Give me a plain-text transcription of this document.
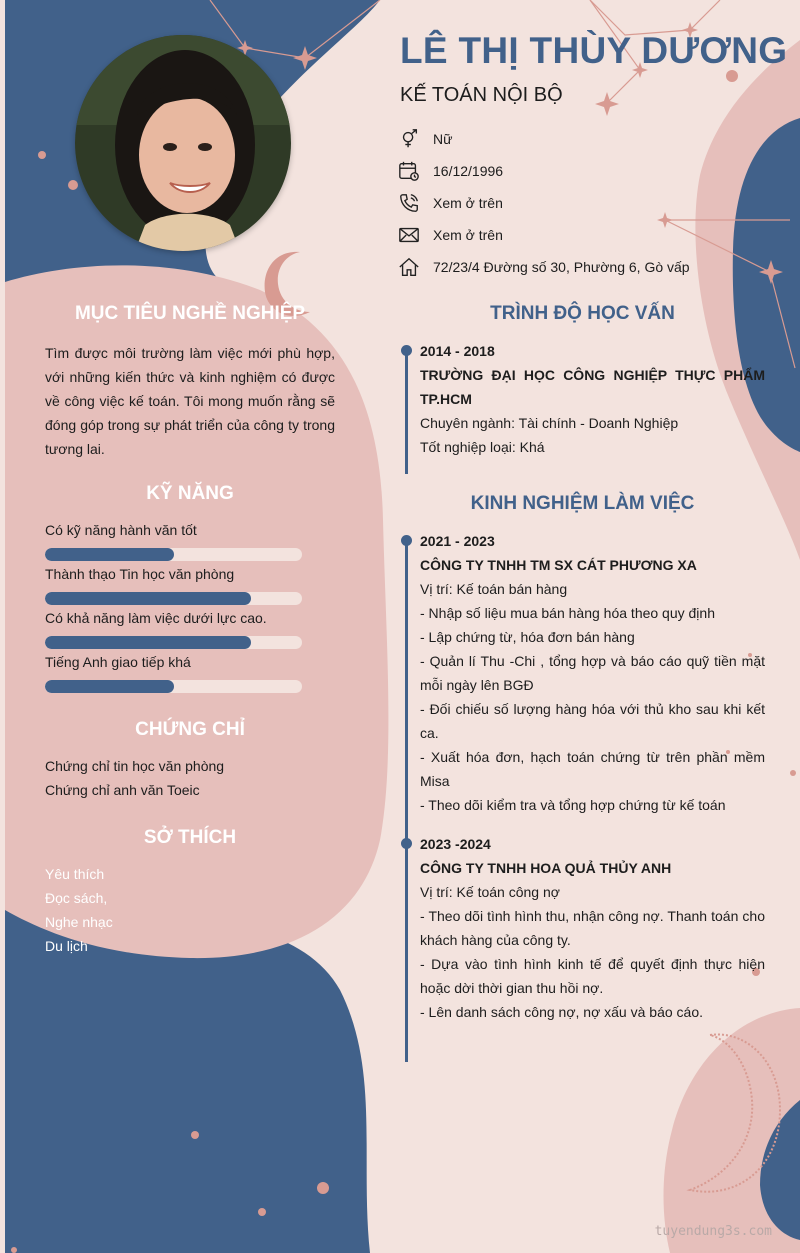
LÊ THỊ THÙY DƯƠNG
KẾ TOÁN NỘI BỘ
Nữ
16/12/1996
Xem ở trên
Xem ở trên
72/23/4 Đường số 30, Phường 6, Gò vấp
MỤC TIÊU NGHỀ NGHIỆP
Tìm được môi trường làm việc mới phù hợp, với những kiến thức và kinh nghiệm có được về công việc kế toán. Tôi mong muốn rằng sẽ đóng góp trong sự phát triển của công ty trong tương lai.
KỸ NĂNG
Có kỹ năng hành văn tốt
Thành thạo Tin học văn phòng
Có khả năng làm việc dưới lực cao.
Tiếng Anh giao tiếp khá
CHỨNG CHỈ
Chứng chỉ tin học văn phòng
Chứng chỉ anh văn Toeic
SỞ THÍCH
Yêu thích
Đọc sách,
Nghe nhạc
Du lịch
TRÌNH ĐỘ HỌC VẤN
2014 - 2018
TRƯỜNG ĐẠI HỌC CÔNG NGHIỆP THỰC PHẨM TP.HCM
Chuyên ngành: Tài chính - Doanh Nghiệp
Tốt nghiệp loại: Khá
KINH NGHIỆM LÀM VIỆC
2021 - 2023
CÔNG TY TNHH TM SX CÁT PHƯƠNG XA
Vị trí: Kế toán bán hàng
- Nhập số liệu mua bán hàng hóa theo quy định
- Lập chứng từ, hóa đơn bán hàng
- Quản lí Thu -Chi , tổng hợp và báo cáo quỹ tiền mặt mỗi ngày lên BGĐ
- Đối chiếu số lượng hàng hóa với thủ kho sau khi kết ca.
- Xuất hóa đơn, hạch toán chứng từ trên phần mềm Misa
- Theo dõi kiểm tra và tổng hợp chứng từ kế toán
2023 -2024
CÔNG TY TNHH HOA QUẢ THỦY ANH
Vị trí: Kế toán công nợ
- Theo dõi tình hình thu, nhận công nợ. Thanh toán cho khách hàng của công ty.
- Dựa vào tình hình kinh tế để quyết định thực hiện hoặc dời thời gian thu hồi nợ.
- Lên danh sách công nợ, nợ xấu và báo cáo.
tuyendung3s.com
